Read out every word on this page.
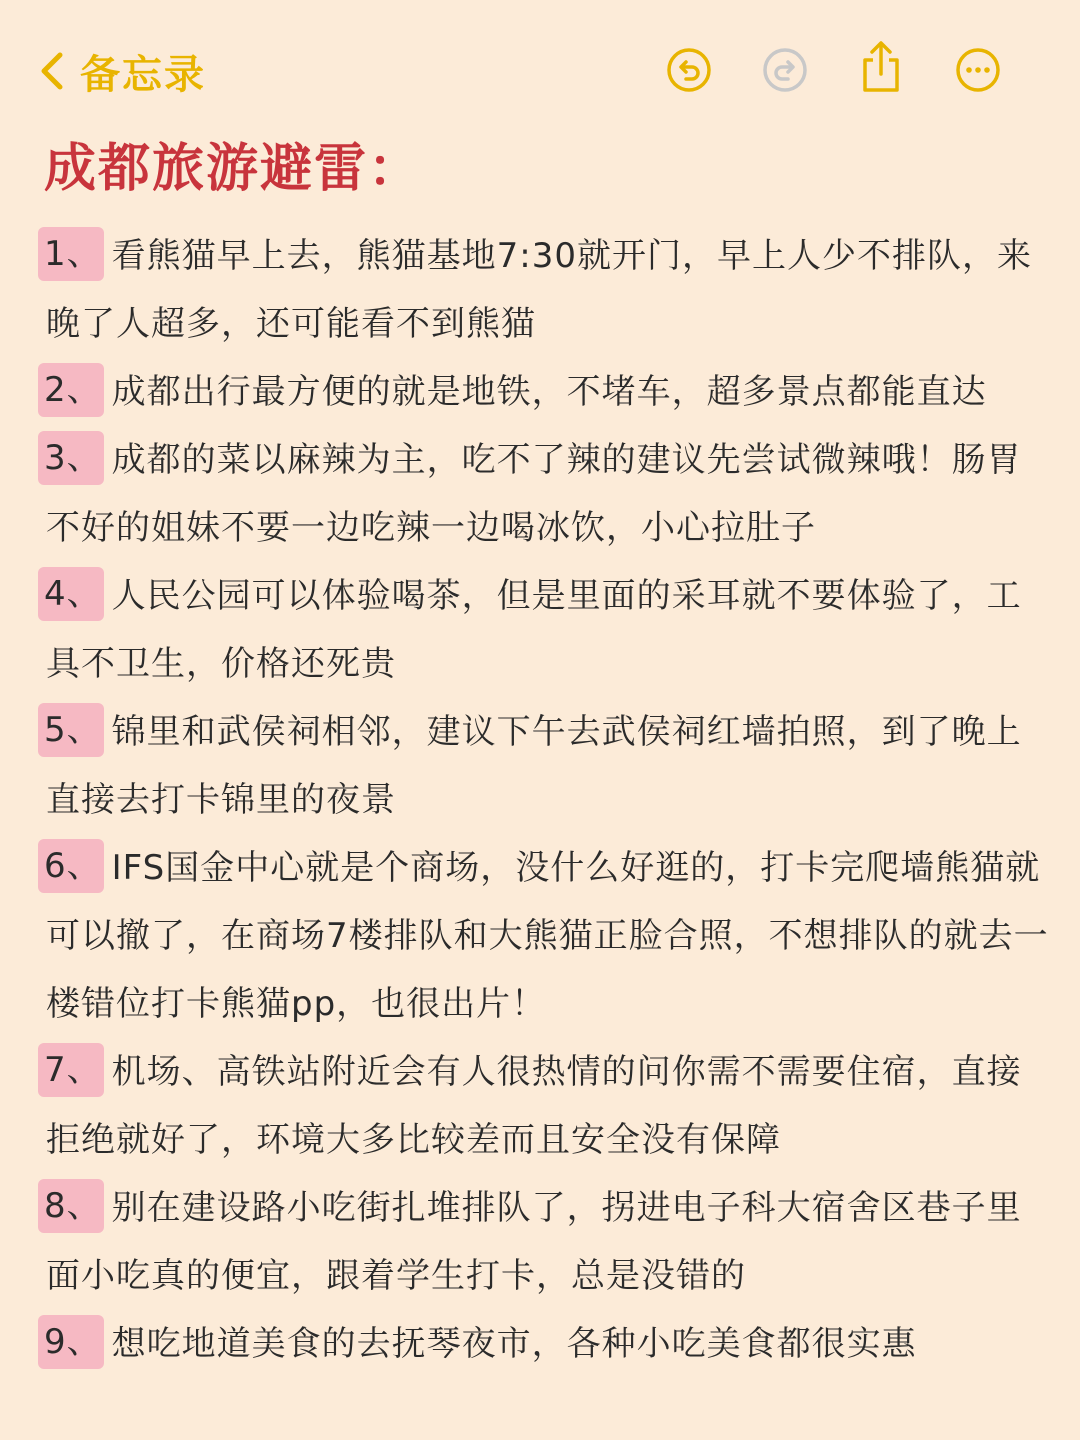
备忘录
成都旅游避雷：
1、 看熊猫早上去，熊猫基地7:30就开门，早上人少不排队，来晚了人超多，还可能看不到熊猫
2、 成都出行最方便的就是地铁，不堵车，超多景点都能直达
3、 成都的菜以麻辣为主，吃不了辣的建议先尝试微辣哦！肠胃不好的姐妹不要一边吃辣一边喝冰饮，小心拉肚子
4、 人民公园可以体验喝茶，但是里面的采耳就不要体验了，工具不卫生，价格还死贵
5、 锦里和武侯祠相邻，建议下午去武侯祠红墙拍照，到了晚上直接去打卡锦里的夜景
6、 IFS国金中心就是个商场，没什么好逛的，打卡完爬墙熊猫就可以撤了，在商场7楼排队和大熊猫正脸合照，不想排队的就去一楼错位打卡熊猫pp，也很出片！
7、 机场、高铁站附近会有人很热情的问你需不需要住宿，直接拒绝就好了，环境大多比较差而且安全没有保障
8、 别在建设路小吃街扎堆排队了，拐进电子科大宿舍区巷子里面小吃真的便宜，跟着学生打卡，总是没错的
9、 想吃地道美食的去抚琴夜市，各种小吃美食都很实惠
